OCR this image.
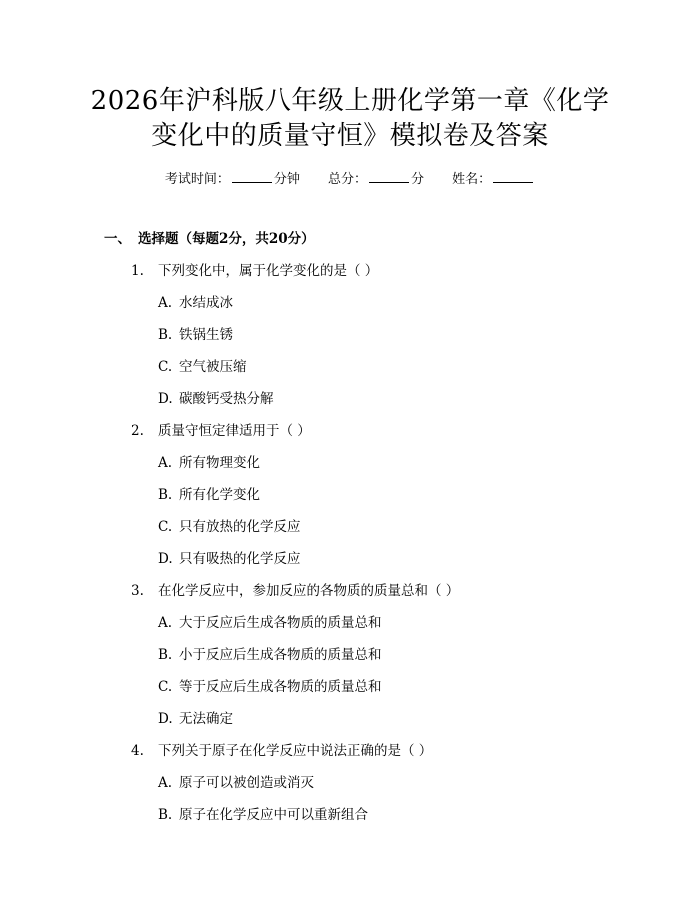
2026年沪科版八年级上册化学第一章《化学
变化中的质量守恒》模拟卷及答案
考试时间：	分钟 总分：	分 姓名：
一、 选择题（每题2分，共20分）
1. 下列变化中，属于化学变化的是（ ）
A. 水结成冰
B. 铁锅生锈
C. 空气被压缩
D. 碳酸钙受热分解
2. 质量守恒定律适用于（ ）
A. 所有物理变化
B. 所有化学变化
C. 只有放热的化学反应
D. 只有吸热的化学反应
3. 在化学反应中，参加反应的各物质的质量总和（ ）
A. 大于反应后生成各物质的质量总和
B. 小于反应后生成各物质的质量总和
C. 等于反应后生成各物质的质量总和
D. 无法确定
4. 下列关于原子在化学反应中说法正确的是（ ）
A. 原子可以被创造或消灭
B. 原子在化学反应中可以重新组合
